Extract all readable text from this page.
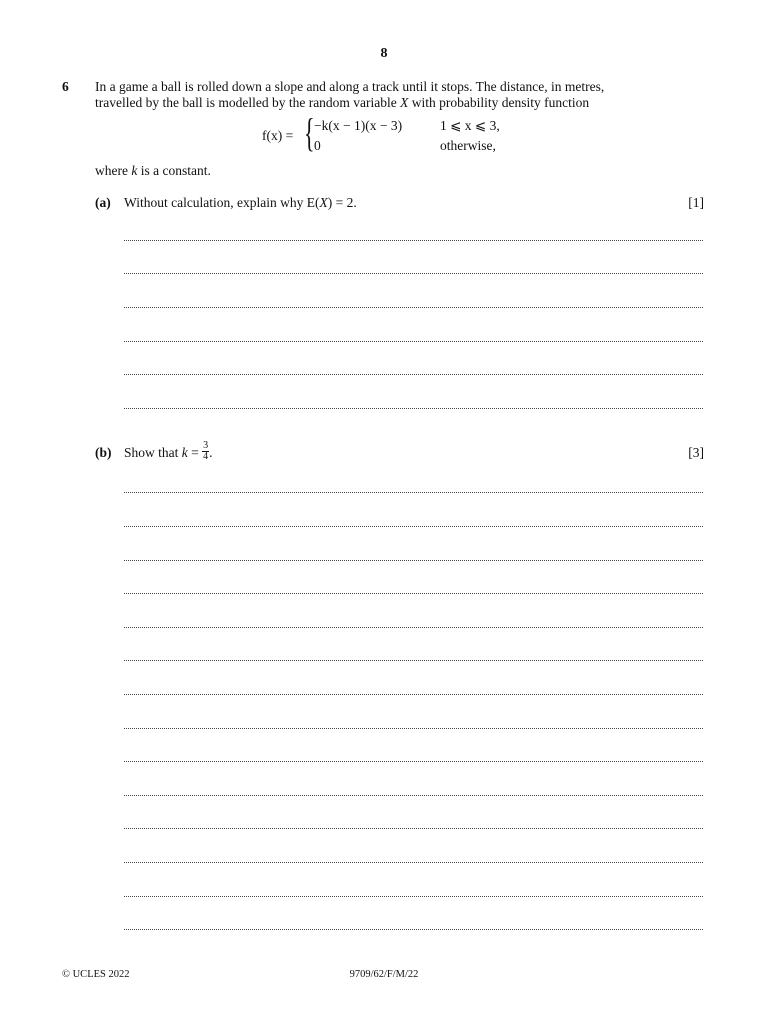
8
6 In a game a ball is rolled down a slope and along a track until it stops. The distance, in metres,
travelled by the ball is modelled by the random variable X with probability density function
f(x) = { −k(x − 1)(x − 3)	1 ⩽ x ⩽ 3,
0	otherwise,
where k is a constant.
(a) Without calculation, explain why E(X) = 2.	[1]
(b) Show that $k = \frac{3}{4}$ .	[3]
© UCLES 2022	9709/62/F/M/22
